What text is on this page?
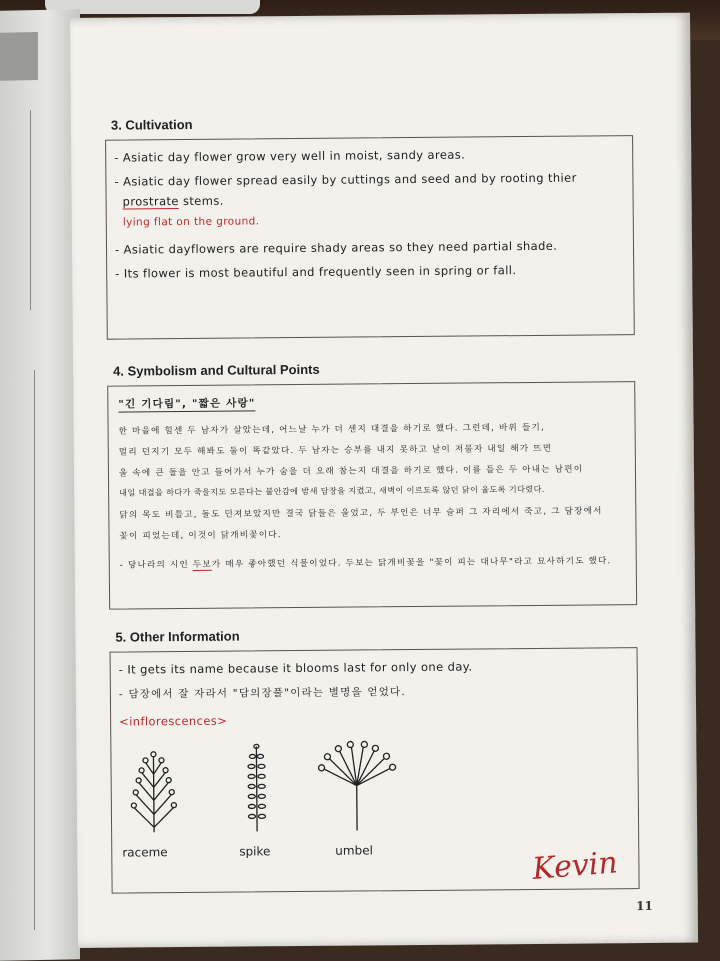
3. Cultivation
- Asiatic day flower grow very well in moist, sandy areas.
- Asiatic day flower spread easily by cuttings and seed and by rooting thier
prostrate stems.
lying flat on the ground.
- Asiatic dayflowers are require shady areas so they need partial shade.
- Its flower is most beautiful and frequently seen in spring or fall.
4. Symbolism and Cultural Points
"긴 기다림", "짧은 사랑"
한 마을에 힘센 두 남자가 살았는데, 어느날 누가 더 센지 대결을 하기로 했다. 그런데, 바위 들기,
멀리 던지기 모두 해봐도 둘이 똑같았다. 두 남자는 승부를 내지 못하고 날이 저물자 내일 해가 뜨면
울 속에 큰 돌을 안고 들어가서 누가 숨을 더 오래 참는지 대결을 하기로 했다. 이를 들은 두 아내는 남편이
내일 대결을 하다가 죽을지도 모른다는 불안감에 밤새 담장을 지켰고, 새벽이 이르도록 않던 닭이 울도록 기다렸다.
닭의 목도 비틀고, 돌도 던져보았지만 결국 닭들은 울었고, 두 부인은 너무 슬퍼 그 자리에서 죽고, 그 담장에서
꽃이 피었는데, 이것이 닭개비꽃이다.
- 당나라의 시인 두보가 매우 좋아했던 식물이었다. 두보는 닭개비꽃을 "꽃이 피는 대나무"라고 묘사하기도 했다.
5. Other Information
- It gets its name because it blooms last for only one day.
- 담장에서 잘 자라서 "담의장풀"이라는 별명을 얻었다.
<inflorescences>
raceme	spike	umbel	Kevin
11
